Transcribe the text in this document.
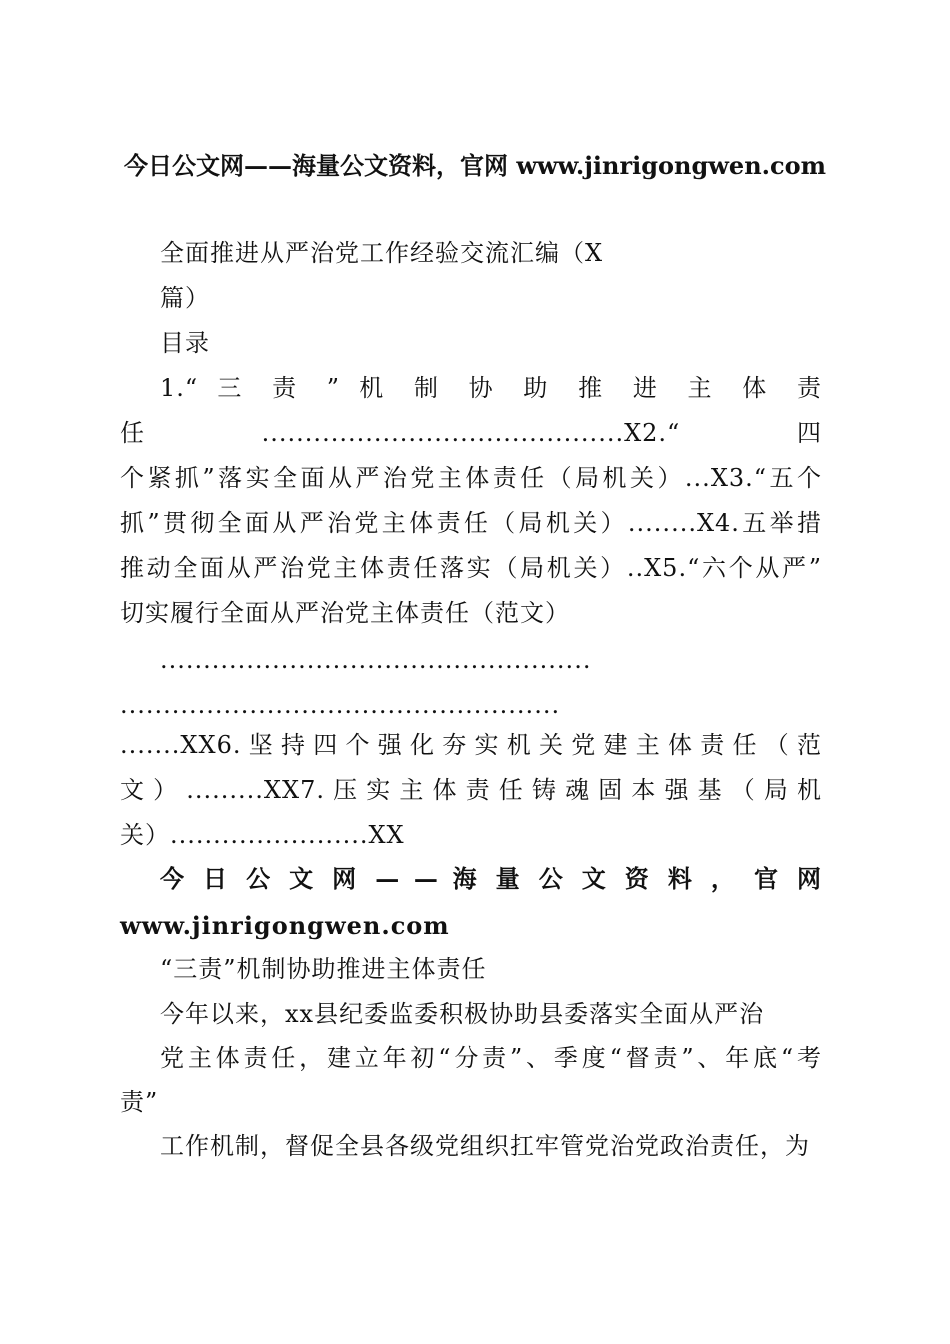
今日公文网——海量公文资料，官网 www.jinrigongwen.com
全面推进从严治党工作经验交流汇编（X
篇）
目录
1.“ 三 责 ” 机 制 协 助 推 进 主 体 责
任..........................................X2.“四
个紧抓”落实全面从严治党主体责任（局机关）...X3.“五个
抓”贯彻全面从严治党主体责任（局机关）........X4.五举措
推动全面从严治党主体责任落实（局机关）..X5.“六个从严”
切实履行全面从严治党主体责任（范文）
..................................................
...................................................
.......XX6.坚持四个强化夯实机关党建主体责任（范
文）.........XX7.压实主体责任铸魂固本强基（局机
关）.......................XX
今 日 公 文 网 — — 海 量 公 文 资 料 ， 官 网
www.jinrigongwen.com
“三责”机制协助推进主体责任
今年以来，xx县纪委监委积极协助县委落实全面从严治
党主体责任，建立年初“分责”、季度“督责”、年底“考
责”
工作机制，督促全县各级党组织扛牢管党治党政治责任，为
